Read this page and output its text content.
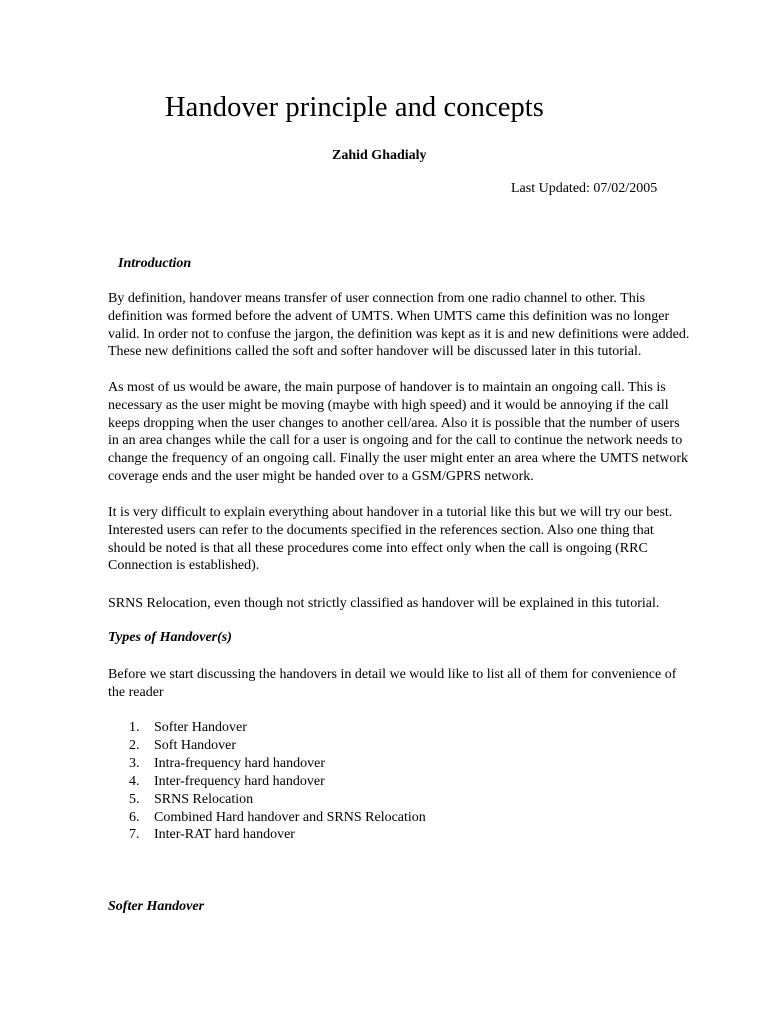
Handover principle and concepts
Zahid Ghadialy
Last Updated: 07/02/2005
Introduction

By definition, handover means transfer of user connection from one radio channel to other. This
definition was formed before the advent of UMTS. When UMTS came this definition was no longer
valid. In order not to confuse the jargon, the definition was kept as it is and new definitions were added.
These new definitions called the soft and softer handover will be discussed later in this tutorial.

As most of us would be aware, the main purpose of handover is to maintain an ongoing call. This is
necessary as the user might be moving (maybe with high speed) and it would be annoying if the call
keeps dropping when the user changes to another cell/area. Also it is possible that the number of users
in an area changes while the call for a user is ongoing and for the call to continue the network needs to
change the frequency of an ongoing call. Finally the user might enter an area where the UMTS network
coverage ends and the user might be handed over to a GSM/GPRS network.

It is very difficult to explain everything about handover in a tutorial like this but we will try our best.
Interested users can refer to the documents specified in the references section. Also one thing that
should be noted is that all these procedures come into effect only when the call is ongoing (RRC
Connection is established).

SRNS Relocation, even though not strictly classified as handover will be explained in this tutorial.

Types of Handover(s)

Before we start discussing the handovers in detail we would like to list all of them for convenience of
the reader

1.	Softer Handover
2.	Soft Handover
3.	Intra-frequency hard handover
4.	Inter-frequency hard handover
5.	SRNS Relocation
6.	Combined Hard handover and SRNS Relocation
7.	Inter-RAT hard handover
Softer Handover
